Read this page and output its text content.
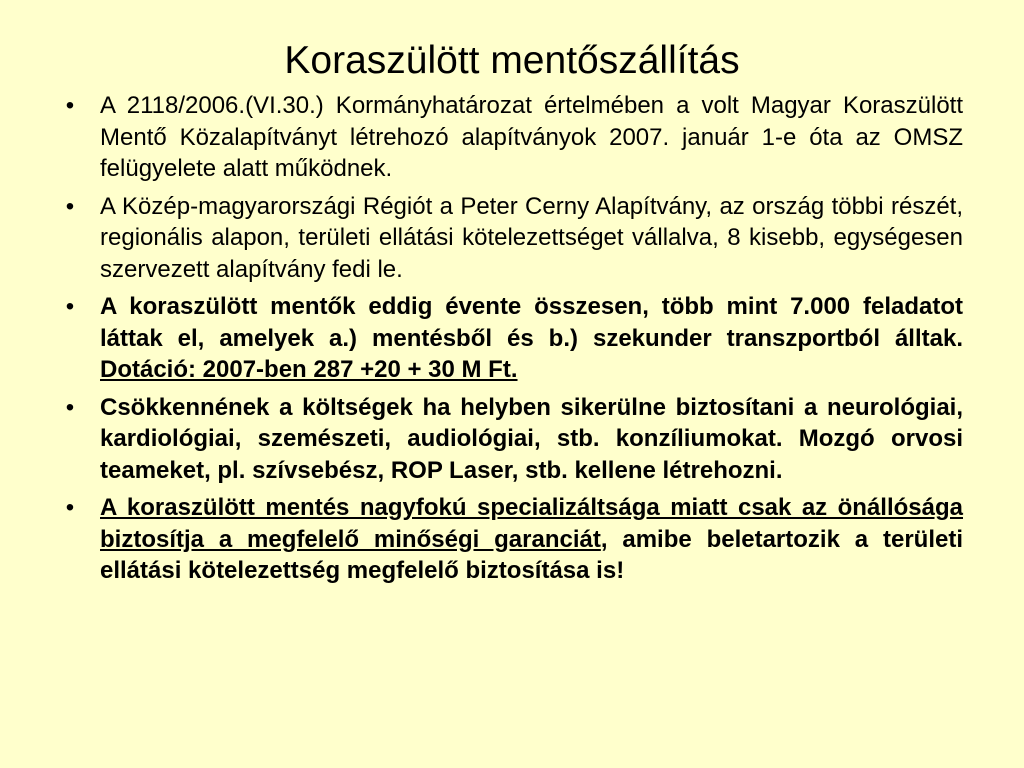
Koraszülött mentőszállítás
• A 2118/2006.(VI.30.) Kormányhatározat értelmében a volt Magyar Koraszülött Mentő Közalapítványt létrehozó alapítványok 2007. január 1-e óta az OMSZ felügyelete alatt működnek.
• A Közép-magyarországi Régiót a Peter Cerny Alapítvány, az ország többi részét, regionális alapon, területi ellátási kötelezettséget vállalva, 8 kisebb, egységesen szervezett alapítvány fedi le.
• A koraszülött mentők eddig évente összesen, több mint 7.000 feladatot láttak el, amelyek a.) mentésből és b.) szekunder transzportból álltak. Dotáció: 2007-ben 287 +20 + 30 M Ft.
• Csökkennének a költségek ha helyben sikerülne biztosítani a neurológiai, kardiológiai, szemészeti, audiológiai, stb. konzíliumokat. Mozgó orvosi teameket, pl. szívsebész, ROP Laser, stb. kellene létrehozni.
• A koraszülött mentés nagyfokú specializáltsága miatt csak az önállósága biztosítja a megfelelő minőségi garanciát, amibe beletartozik a területi ellátási kötelezettség megfelelő biztosítása is!
